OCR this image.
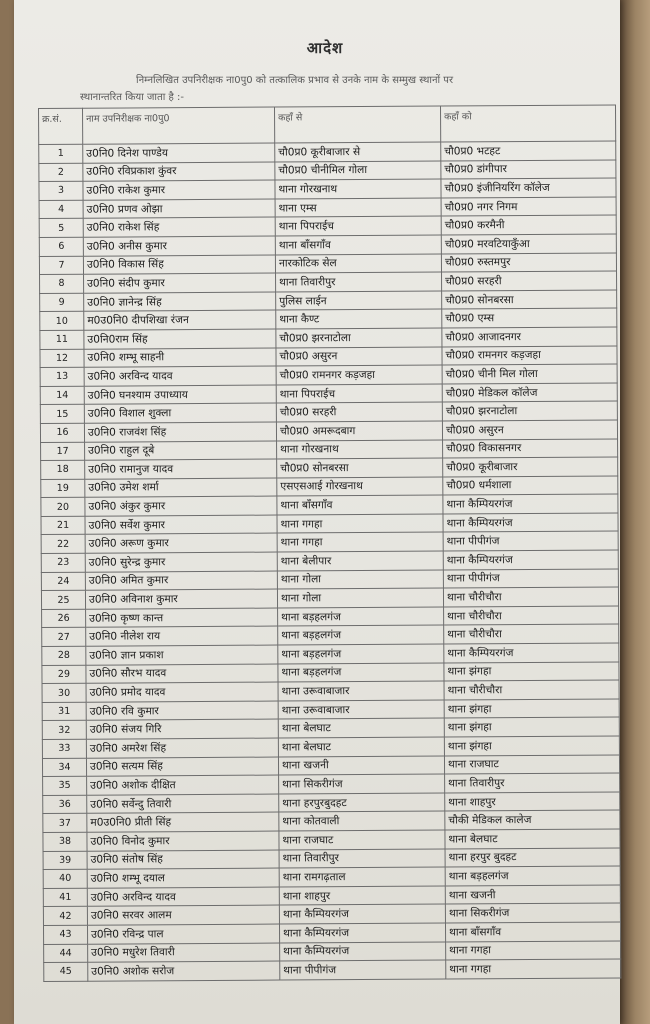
आदेश

निम्नलिखित उपनिरीक्षक ना0पु0 को तत्कालिक प्रभाव से उनके नाम के सम्मुख स्थानों पर

स्थानान्तरित किया जाता है :-

क्र.सं.	नाम उपनिरीक्षक ना0पु0	कहाँ से	कहाँ को
1	उ0नि0 दिनेश पाण्डेय	चौ0प्र0 कूरीबाजार से	चौ0प्र0 भटहट
2	उ0नि0 रविप्रकाश कुंवर	चौ0प्र0 चीनीमिल गोला	चौ0प्र0 डांगीपार
3	उ0नि0 राकेश कुमार	थाना गोरखनाथ	चौ0प्र0 इंजीनियरिंग कॉलेज
4	उ0नि0 प्रणव ओझा	थाना एम्स	चौ0प्र0 नगर निगम
5	उ0नि0 राकेश सिंह	थाना पिपराईच	चौ0प्र0 करमैनी
6	उ0नि0 अनीस कुमार	थाना बाँसगाँव	चौ0प्र0 मरवटियाकुँआ
7	उ0नि0 विकास सिंह	नारकोटिक सेल	चौ0प्र0 रुस्तमपुर
8	उ0नि0 संदीप कुमार	थाना तिवारीपुर	चौ0प्र0 सरहरी
9	उ0नि0 ज्ञानेन्द्र सिंह	पुलिस लाईन	चौ0प्र0 सोनबरसा
10	म0उ0नि0 दीपशिखा रंजन	थाना कैण्ट	चौ0प्र0 एम्स
11	उ0नि0राम सिंह	चौ0प्र0 झरनाटोला	चौ0प्र0 आजादनगर
12	उ0नि0 शम्भू साहनी	चौ0प्र0 असुरन	चौ0प्र0 रामनगर कड़जहा
13	उ0नि0 अरविन्द यादव	चौ0प्र0 रामनगर कड़जहा	चौ0प्र0 चीनी मिल गोला
14	उ0नि0 घनश्याम उपाध्याय	थाना पिपराईच	चौ0प्र0 मेडिकल कॉलेज
15	उ0नि0 विशाल शुक्ला	चौ0प्र0 सरहरी	चौ0प्र0 झरनाटोला
16	उ0नि0 राजवंश सिंह	चौ0प्र0 अमरूदबाग	चौ0प्र0 असुरन
17	उ0नि0 राहुल दूबे	थाना गोरखनाथ	चौ0प्र0 विकासनगर
18	उ0नि0 रामानुज यादव	चौ0प्र0 सोनबरसा	चौ0प्र0 कूरीबाजार
19	उ0नि0 उमेश शर्मा	एसएसआई गोरखनाथ	चौ0प्र0 धर्मशाला
20	उ0नि0 अंकुर कुमार	थाना बाँसगाँव	थाना कैम्पियरगंज
21	उ0नि0 सर्वेश कुमार	थाना गगहा	थाना कैम्पियरगंज
22	उ0नि0 अरूण कुमार	थाना गगहा	थाना पीपीगंज
23	उ0नि0 सुरेन्द्र कुमार	थाना बेलीपार	थाना कैम्पियरगंज
24	उ0नि0 अमित कुमार	थाना गोला	थाना पीपीगंज
25	उ0नि0 अविनाश कुमार	थाना गोला	थाना चौरीचौरा
26	उ0नि0 कृष्ण कान्त	थाना बड़हलगंज	थाना चौरीचौरा
27	उ0नि0 नीलेश राय	थाना बड़हलगंज	थाना चौरीचौरा
28	उ0नि0 ज्ञान प्रकाश	थाना बड़हलगंज	थाना कैम्पियरगंज
29	उ0नि0 सौरभ यादव	थाना बड़हलगंज	थाना झंगहा
30	उ0नि0 प्रमोद यादव	थाना उरूवाबाजार	थाना चौरीचौरा
31	उ0नि0 रवि कुमार	थाना उरूवाबाजार	थाना झंगहा
32	उ0नि0 संजय गिरि	थाना बेलघाट	थाना झंगहा
33	उ0नि0 अमरेश सिंह	थाना बेलघाट	थाना झंगहा
34	उ0नि0 सत्यम सिंह	थाना खजनी	थाना राजघाट
35	उ0नि0 अशोक दीक्षित	थाना सिकरीगंज	थाना तिवारीपुर
36	उ0नि0 सर्वेन्दु तिवारी	थाना हरपुरबुदहट	थाना शाहपुर
37	म0उ0नि0 प्रीती सिंह	थाना कोतवाली	चौकी मेडिकल कालेज
38	उ0नि0 विनोद कुमार	थाना राजघाट	थाना बेलघाट
39	उ0नि0 संतोष सिंह	थाना तिवारीपुर	थाना हरपुर बुदहट
40	उ0नि0 शम्भू दयाल	थाना रामगढ़ताल	थाना बड़हलगंज
41	उ0नि0 अरविन्द यादव	थाना शाहपुर	थाना खजनी
42	उ0नि0 सरवर आलम	थाना कैम्पियरगंज	थाना सिकरीगंज
43	उ0नि0 रविन्द्र पाल	थाना कैम्पियरगंज	थाना बाँसगाँव
44	उ0नि0 मधुरेश तिवारी	थाना कैम्पियरगंज	थाना गगहा
45	उ0नि0 अशोक सरोज	थाना पीपीगंज	थाना गगहा
